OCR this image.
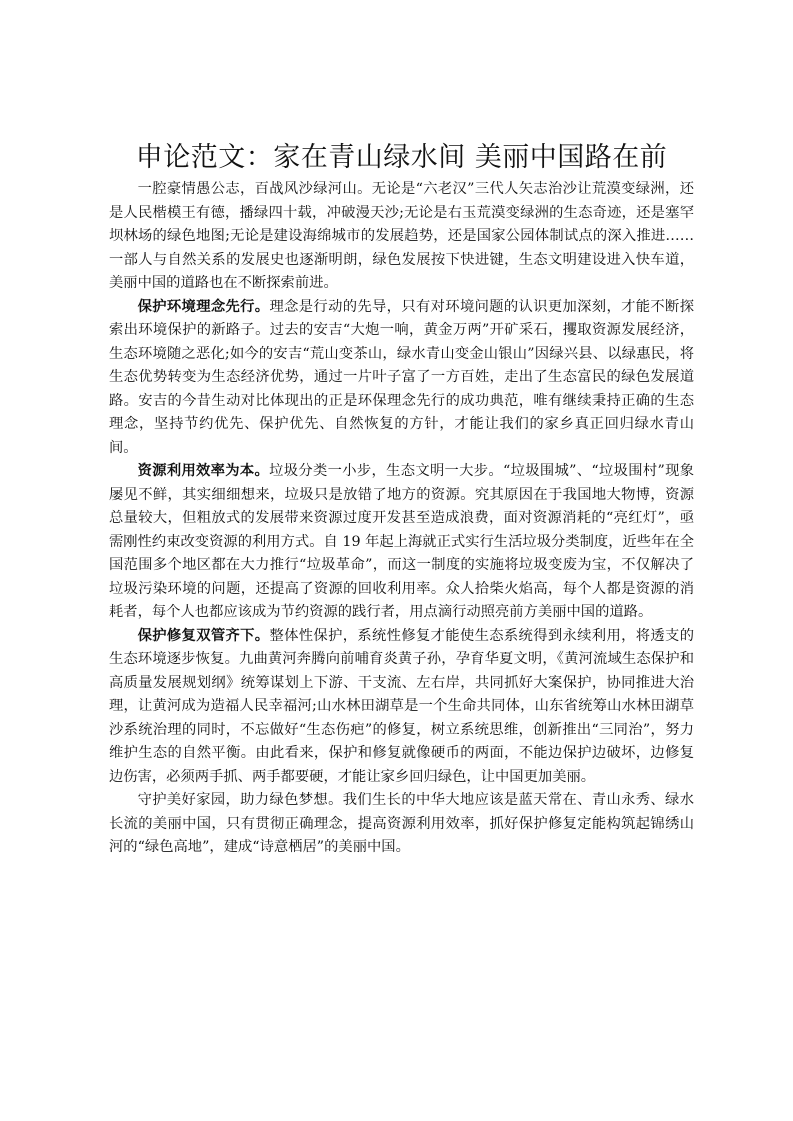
申论范文：家在青山绿水间 美丽中国路在前

一腔豪情愚公志，百战风沙绿河山。无论是“六老汉”三代人矢志治沙让荒漠变绿洲，还是人民楷模王有德，播绿四十载，冲破漫天沙;无论是右玉荒漠变绿洲的生态奇迹，还是塞罕坝林场的绿色地图;无论是建设海绵城市的发展趋势，还是国家公园体制试点的深入推进……一部人与自然关系的发展史也逐渐明朗，绿色发展按下快进键，生态文明建设进入快车道，美丽中国的道路也在不断探索前进。

保护环境理念先行。理念是行动的先导，只有对环境问题的认识更加深刻，才能不断探索出环境保护的新路子。过去的安吉“大炮一响，黄金万两”开矿采石，攫取资源发展经济，生态环境随之恶化;如今的安吉“荒山变茶山，绿水青山变金山银山”因绿兴县、以绿惠民，将生态优势转变为生态经济优势，通过一片叶子富了一方百姓，走出了生态富民的绿色发展道路。安吉的今昔生动对比体现出的正是环保理念先行的成功典范，唯有继续秉持正确的生态理念，坚持节约优先、保护优先、自然恢复的方针，才能让我们的家乡真正回归绿水青山间。

资源利用效率为本。垃圾分类一小步，生态文明一大步。“垃圾围城”、“垃圾围村”现象屡见不鲜，其实细细想来，垃圾只是放错了地方的资源。究其原因在于我国地大物博，资源总量较大，但粗放式的发展带来资源过度开发甚至造成浪费，面对资源消耗的“亮红灯”，亟需刚性约束改变资源的利用方式。自 19 年起上海就正式实行生活垃圾分类制度，近些年在全国范围多个地区都在大力推行“垃圾革命”，而这一制度的实施将垃圾变废为宝，不仅解决了垃圾污染环境的问题，还提高了资源的回收利用率。众人拾柴火焰高，每个人都是资源的消耗者，每个人也都应该成为节约资源的践行者，用点滴行动照亮前方美丽中国的道路。

保护修复双管齐下。整体性保护，系统性修复才能使生态系统得到永续利用，将透支的生态环境逐步恢复。九曲黄河奔腾向前哺育炎黄子孙，孕育华夏文明，《黄河流域生态保护和高质量发展规划纲》统筹谋划上下游、干支流、左右岸，共同抓好大案保护，协同推进大治理，让黄河成为造福人民幸福河;山水林田湖草是一个生命共同体，山东省统筹山水林田湖草沙系统治理的同时，不忘做好“生态伤疤”的修复，树立系统思维，创新推出“三同治”，努力维护生态的自然平衡。由此看来，保护和修复就像硬币的两面，不能边保护边破坏，边修复边伤害，必须两手抓、两手都要硬，才能让家乡回归绿色，让中国更加美丽。

守护美好家园，助力绿色梦想。我们生长的中华大地应该是蓝天常在、青山永秀、绿水长流的美丽中国，只有贯彻正确理念，提高资源利用效率，抓好保护修复定能构筑起锦绣山河的“绿色高地”，建成“诗意栖居”的美丽中国。
